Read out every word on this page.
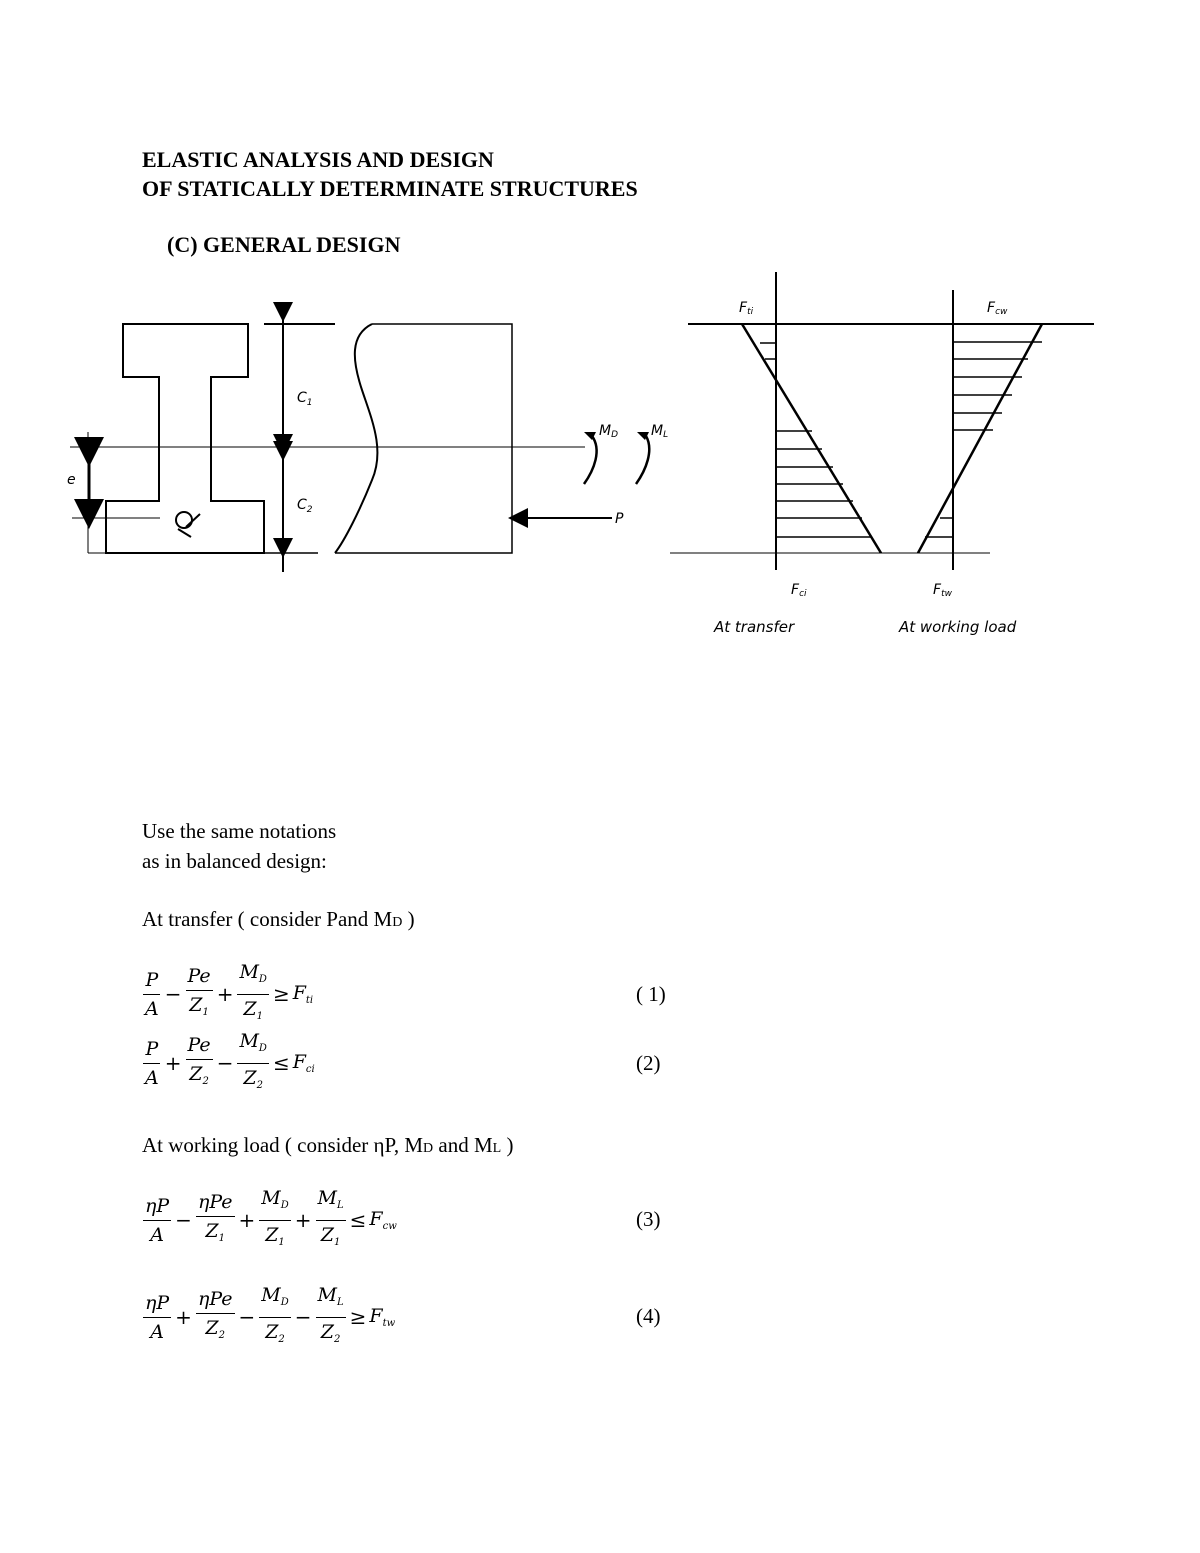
ELASTIC ANALYSIS AND DESIGN
OF STATICALLY DETERMINATE STRUCTURES
(C) GENERAL DESIGN
e
$C_1$
$C_2$
MD ML
P
Fti	Fcw
Fci	Ftw
At transfer	At working load
Use the same notations
as in balanced design:
At transfer ( consider Pand MD )
$\frac{P}{A} - \frac{Pe}{Z_1} + \frac{M_D}{Z_1} \ge F_{ti}$	( 1)
$\frac{P}{A} + \frac{Pe}{Z_2} - \frac{M_D}{Z_2} \le F_{ci}$	(2)
At working load ( consider ηP, MD and ML )
$\frac{\eta P}{A} - \frac{\text{ηPe}}{Z_1} + \frac{M_D}{Z_1} + \frac{M_L}{Z_1} \le F_{cw}$	(3)
$\frac{\eta P}{A} + \frac{\text{ηPe}}{Z_2} - \frac{M_D}{Z_2} - \frac{M_L}{Z_2} \ge F_{tw}$	(4)
